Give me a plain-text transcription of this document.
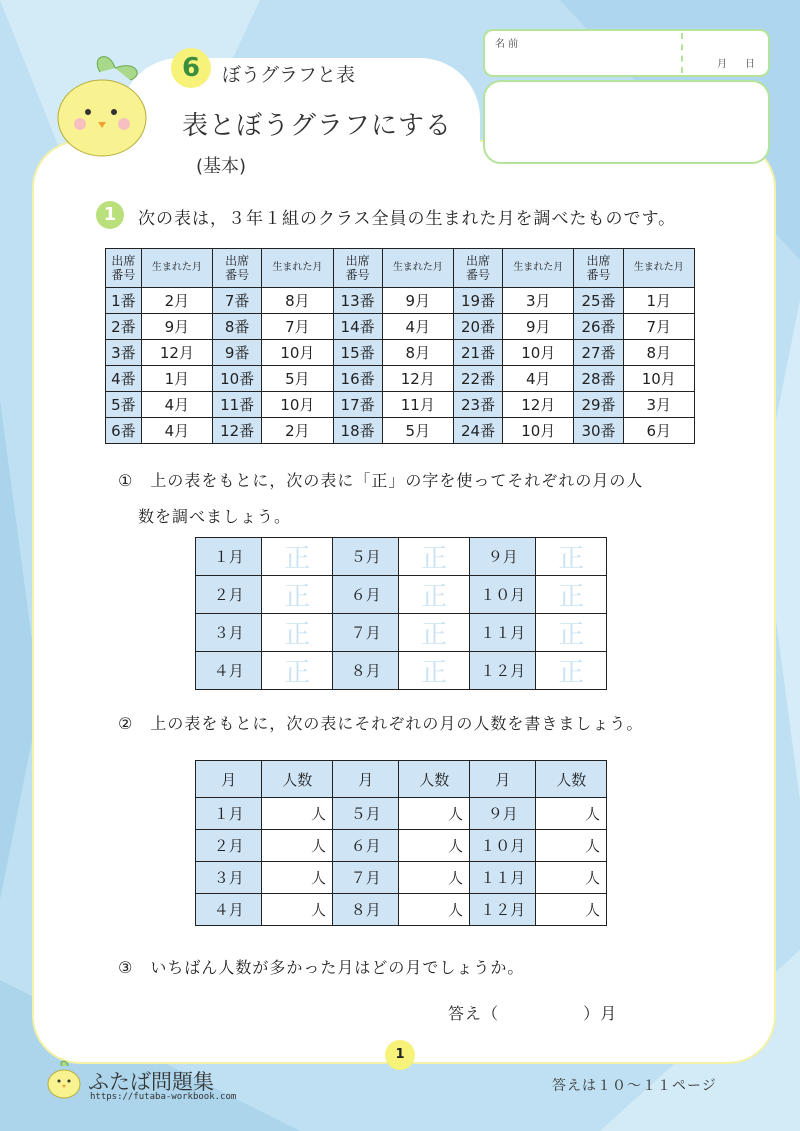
6	ぼうグラフと表
表とぼうグラフにする
(基本)
名 前
月 日
1	次の表は，３年１組のクラス全員の生まれた月を調べたものです。
出席
番号	生まれた月	出席
番号	生まれた月	出席
番号	生まれた月	出席
番号	生まれた月	出席
番号	生まれた月
1番	2月	7番	8月	13番	9月	19番	3月	25番	1月
2番	9月	8番	7月	14番	4月	20番	9月	26番	7月
3番	12月	9番	10月	15番	8月	21番	10月	27番	8月
4番	1月	10番	5月	16番	12月	22番	4月	28番	10月
5番	4月	11番	10月	17番	11月	23番	12月	29番	3月
6番	4月	12番	2月	18番	5月	24番	10月	30番	6月
①　 上の表をもとに，次の表に「正」の字を使ってそれぞれの月の人
数を調べましょう。
１月	正	５月	正	９月	正
２月	正	６月	正	１０月	正
３月	正	７月	正	１１月	正
４月	正	８月	正	１２月	正
②　 上の表をもとに，次の表にそれぞれの月の人数を書きましょう。
月	人数	月	人数	月	人数
１月	人	５月	人	９月	人
２月	人	６月	人	１０月	人
３月	人	７月	人	１１月	人
４月	人	８月	人	１２月	人
③　 いちばん人数が多かった月はどの月でしょうか。
答え（	）月
1
ふたば問題集
https://futaba-workbook.com
答えは１０～１１ページ
